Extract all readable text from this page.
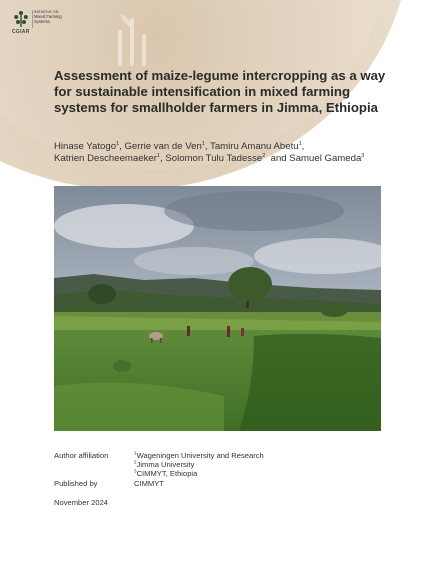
CGIAR
INITIATIVE ON
Mixed Farming
Systems
Assessment of maize-legume intercropping as a way for sustainable intensification in mixed farming systems for smallholder farmers in Jimma, Ethiopia

Hinase Yatogo$^1$, Gerrie van de Ven$^1$, Tamiru Amanu Abetu$^1$,
Katrien Descheemaeker$^1$, Solomon Tulu Tadesse$^2$  and Samuel Gameda$^3$

Author affiliation	$^1$Wageningen University and Research
$^2$Jimma University
$^3$CIMMYT, Ethiopia
Published by	CIMMYT
November 2024
